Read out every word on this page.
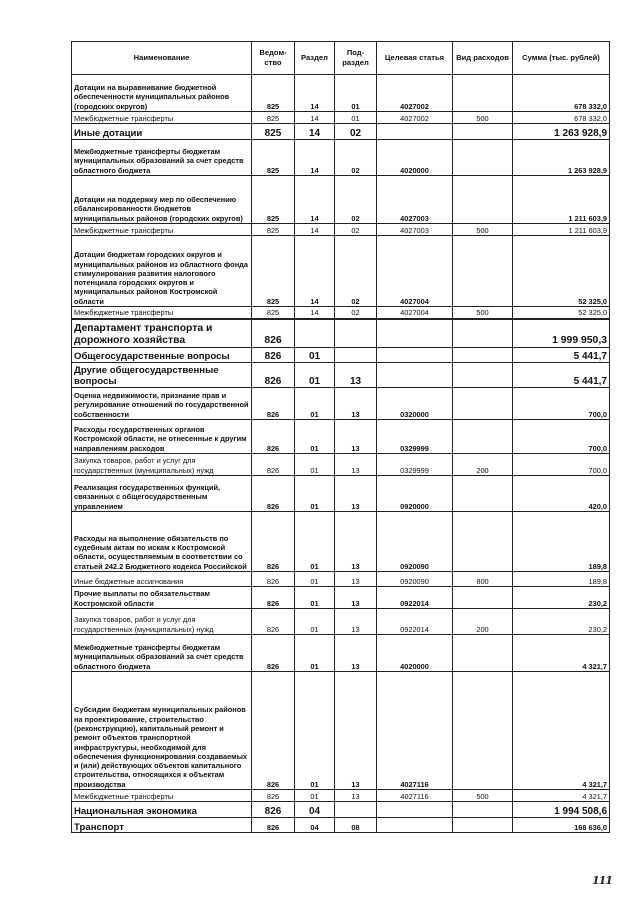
Наименование	Ведом-ство	Раздел	Под-раздел	Целевая статья	Вид расходов	Сумма (тыс. рублей)
Дотации на выравнивание бюджетной обеспеченности муниципальных районов (городских округов)	825	14	01	4027002		678 332,0
Межбюджетные трансферты	825	14	01	4027002	500	678 332,0
Иные дотации	825	14	02			1 263 928,9
Межбюджетные трансферты бюджетам муниципальных образований за счет средств областного бюджета	825	14	02	4020000		1 263 928,9
Дотации на поддержку мер по обеспечению сбалансированности бюджетов муниципальных районов (городских округов)	825	14	02	4027003		1 211 603,9
Межбюджетные трансферты	825	14	02	4027003	500	1 211 603,9
Дотации бюджетам городских округов и муниципальных районов из областного фонда стимулирования развития налогового потенциала городских округов и муниципальных районов Костромской области	825	14	02	4027004		52 325,0
Межбюджетные трансферты	825	14	02	4027004	500	52 325,0
Департамент транспорта и дорожного хозяйства	826					1 999 950,3
Общегосударственные вопросы	826	01				5 441,7
Другие общегосударственные вопросы	826	01	13			5 441,7
Оценка недвижимости, признание прав и регулирование отношений по государственной собственности	826	01	13	0320000		700,0
Расходы государственных органов Костромской области, не отнесенные к другим направлениям расходов	826	01	13	0329999		700,0
Закупка товаров, работ и услуг для государственных (муниципальных) нужд	826	01	13	0329999	200	700,0
Реализация государственных функций, связанных с общегосударственным управлением	826	01	13	0920000		420,0
Расходы на выполнение обязательств по судебным актам по искам к Костромской области, осуществляемым в соответствии со статьей 242.2 Бюджетного кодекса Российской	826	01	13	0920090		189,8
Иные бюджетные ассигнования	826	01	13	0920090	800	189,8
Прочие выплаты по обязательствам Костромской области	826	01	13	0922014		230,2
Закупка товаров, работ и услуг для государственных (муниципальных) нужд	826	01	13	0922014	200	230,2
Межбюджетные трансферты бюджетам муниципальных образований за счет средств областного бюджета	826	01	13	4020000		4 321,7
Субсидии бюджетам муниципальных районов на проектирование, строительство (реконструкцию), капитальный ремонт и ремонт объектов транспортной инфраструктуры, необходимой для обеспечения функционирования создаваемых и (или) действующих объектов капитального строительства, относящихся к объектам производства	826	01	13	4027116		4 321,7
Межбюджетные трансферты	826	01	13	4027116	500	4 321,7
Национальная экономика	826	04				1 994 508,6
Транспорт	826	04	08			168 636,0
111
